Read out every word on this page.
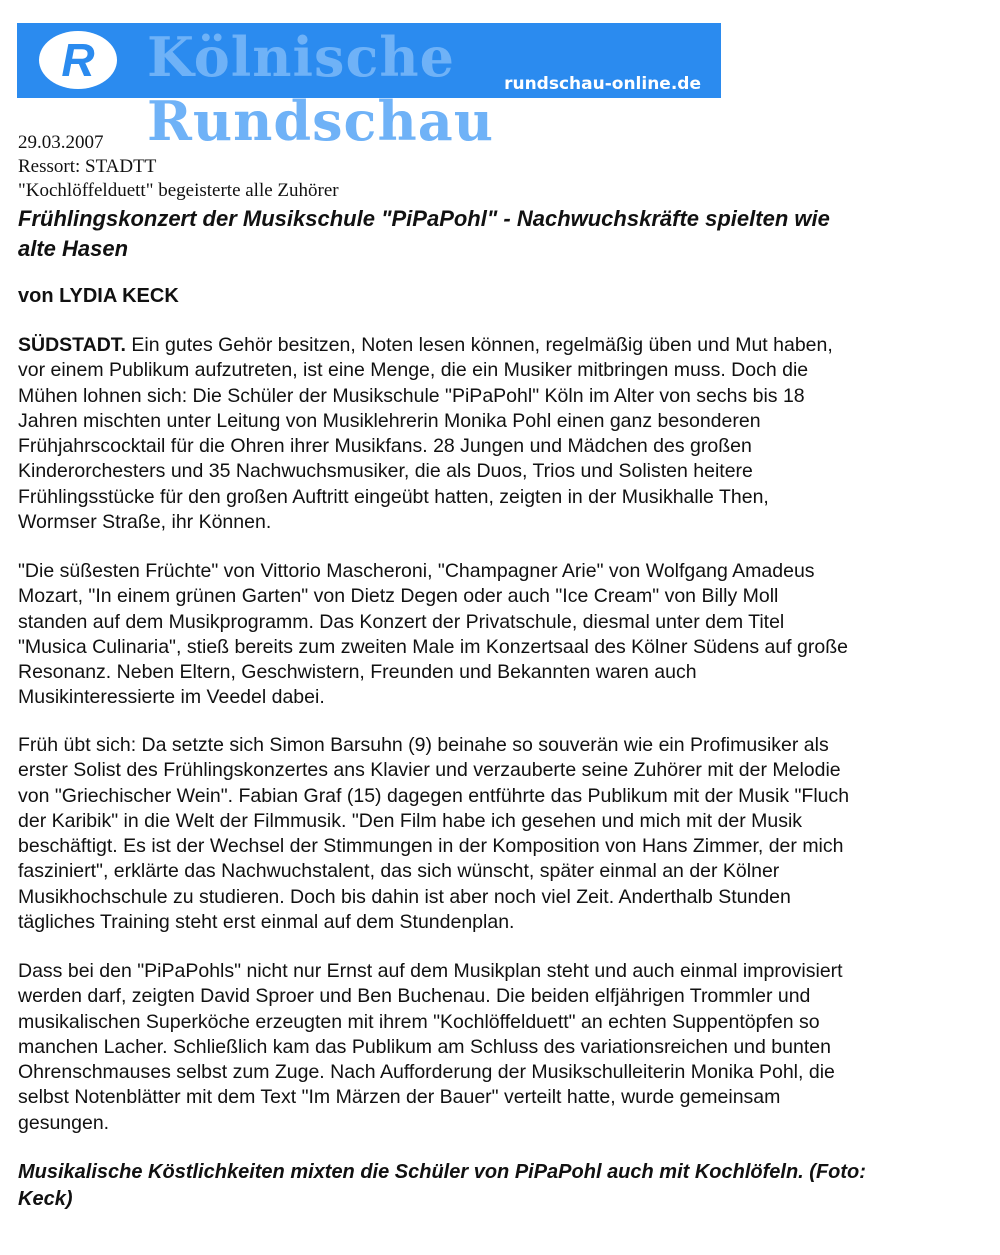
R Kölnische Rundschau
rundschau-online.de
29.03.2007
Ressort: STADTT
"Kochlöffelduett" begeisterte alle Zuhörer
Frühlingskonzert der Musikschule "PiPaPohl" - Nachwuchskräfte spielten wie
alte Hasen
von LYDIA KECK
SÜDSTADT. Ein gutes Gehör besitzen, Noten lesen können, regelmäßig üben und Mut haben,
vor einem Publikum aufzutreten, ist eine Menge, die ein Musiker mitbringen muss. Doch die
Mühen lohnen sich: Die Schüler der Musikschule "PiPaPohl" Köln im Alter von sechs bis 18
Jahren mischten unter Leitung von Musiklehrerin Monika Pohl einen ganz besonderen
Frühjahrscocktail für die Ohren ihrer Musikfans. 28 Jungen und Mädchen des großen
Kinderorchesters und 35 Nachwuchsmusiker, die als Duos, Trios und Solisten heitere
Frühlingsstücke für den großen Auftritt eingeübt hatten, zeigten in der Musikhalle Then,
Wormser Straße, ihr Können.
"Die süßesten Früchte" von Vittorio Mascheroni, "Champagner Arie" von Wolfgang Amadeus
Mozart, "In einem grünen Garten" von Dietz Degen oder auch "Ice Cream" von Billy Moll
standen auf dem Musikprogramm. Das Konzert der Privatschule, diesmal unter dem Titel
"Musica Culinaria", stieß bereits zum zweiten Male im Konzertsaal des Kölner Südens auf große
Resonanz. Neben Eltern, Geschwistern, Freunden und Bekannten waren auch
Musikinteressierte im Veedel dabei.
Früh übt sich: Da setzte sich Simon Barsuhn (9) beinahe so souverän wie ein Profimusiker als
erster Solist des Frühlingskonzertes ans Klavier und verzauberte seine Zuhörer mit der Melodie
von "Griechischer Wein". Fabian Graf (15) dagegen entführte das Publikum mit der Musik "Fluch
der Karibik" in die Welt der Filmmusik. "Den Film habe ich gesehen und mich mit der Musik
beschäftigt. Es ist der Wechsel der Stimmungen in der Komposition von Hans Zimmer, der mich
fasziniert", erklärte das Nachwuchstalent, das sich wünscht, später einmal an der Kölner
Musikhochschule zu studieren. Doch bis dahin ist aber noch viel Zeit. Anderthalb Stunden
tägliches Training steht erst einmal auf dem Stundenplan.
Dass bei den "PiPaPohls" nicht nur Ernst auf dem Musikplan steht und auch einmal improvisiert
werden darf, zeigten David Sproer und Ben Buchenau. Die beiden elfjährigen Trommler und
musikalischen Superköche erzeugten mit ihrem "Kochlöffelduett" an echten Suppentöpfen so
manchen Lacher. Schließlich kam das Publikum am Schluss des variationsreichen und bunten
Ohrenschmauses selbst zum Zuge. Nach Aufforderung der Musikschulleiterin Monika Pohl, die
selbst Notenblätter mit dem Text "Im Märzen der Bauer" verteilt hatte, wurde gemeinsam
gesungen.
Musikalische Köstlichkeiten mixten die Schüler von PiPaPohl auch mit Kochlöfeln. (Foto:
Keck)
